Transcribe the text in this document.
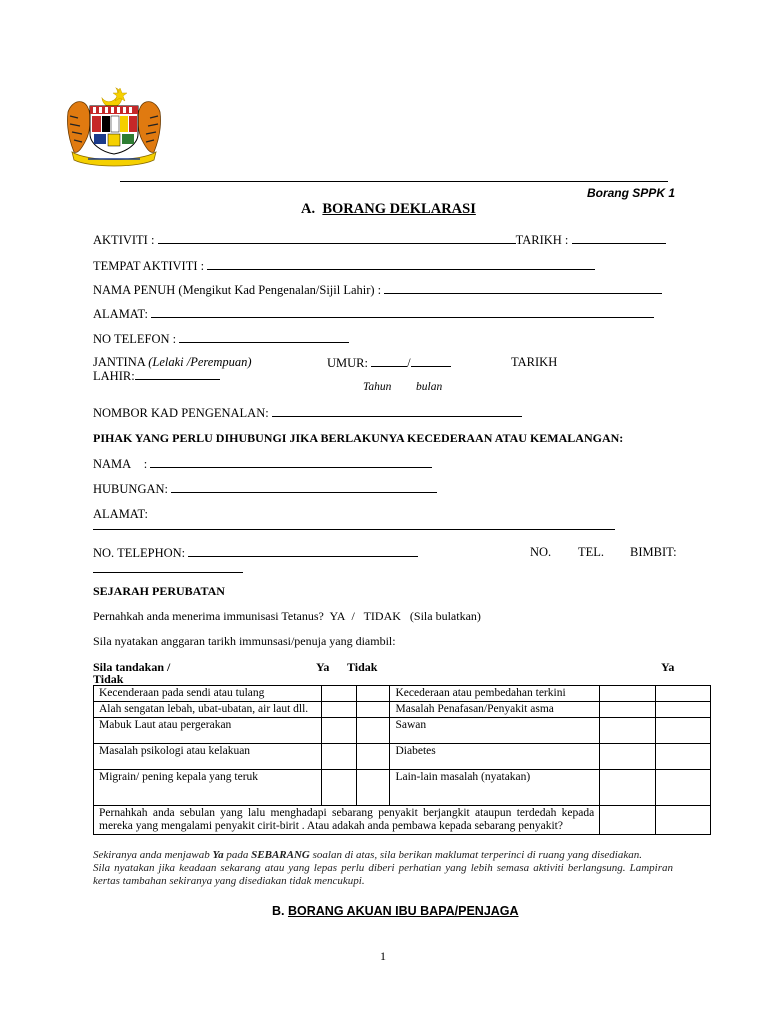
Borang SPPK 1
A. BORANG DEKLARASI
AKTIVITI :	TARIKH :
TEMPAT AKTIVITI :
NAMA PENUH (Mengikut Kad Pengenalan/Sijil Lahir) :
ALAMAT:
NO TELEFON :
JANTINA (Lelaki /Perempuan)	UMUR:	/	TARIKH
LAHIR:
Tahun bulan
NOMBOR KAD PENGENALAN:
PIHAK YANG PERLU DIHUBUNGI JIKA BERLAKUNYA KECEDERAAN ATAU KEMALANGAN:
NAMA :
HUBUNGAN:
ALAMAT:
NO. TELEPHON:	NO. TEL. BIMBIT:
SEJARAH PERUBATAN
Pernahkah anda menerima immunisasi Tetanus? YA / TIDAK (Sila bulatkan)
Sila nyatakan anggaran tarikh immunsasi/penuja yang diambil:
Sila tandakan /
Tidak
Ya Tidak	Ya
Kecenderaan pada sendi atau tulang			Kecederaan atau pembedahan terkini		
Alah sengatan lebah, ubat-ubatan, air laut dll.			Masalah Penafasan/Penyakit asma		
Mabuk Laut atau pergerakan			Sawan		
Masalah psikologi atau kelakuan			Diabetes		
Migrain/ pening kepala yang teruk			Lain-lain masalah (nyatakan)		
Pernahkah anda sebulan yang lalu menghadapi sebarang penyakit berjangkit ataupun terdedah kepada mereka yang mengalami penyakit cirit-birit . Atau adakah anda pembawa kepada sebarang penyakit?					
Sekiranya anda menjawab Ya pada SEBARANG soalan di atas, sila berikan maklumat terperinci di ruang yang disediakan.
Sila nyatakan jika keadaan sekarang atau yang lepas perlu diberi perhatian yang lebih semasa aktiviti berlangsung. Lampiran kertas tambahan sekiranya yang disediakan tidak mencukupi.
B. BORANG AKUAN IBU BAPA/PENJAGA
1
